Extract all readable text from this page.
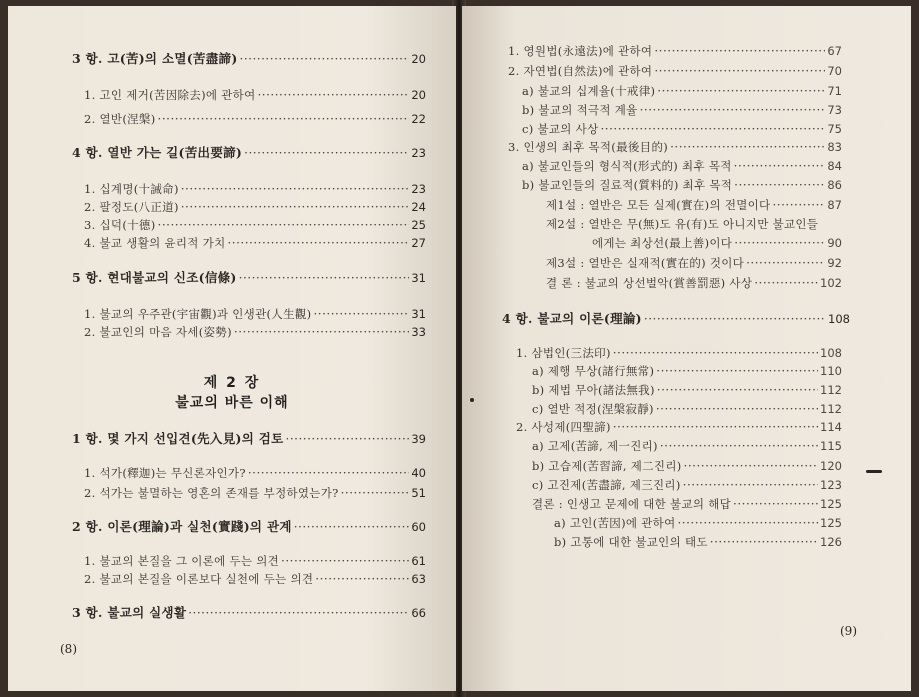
3 항. 고(苦)의 소멸(苦盡諦) ·····	20
1. 고인 제거(苦因除去)에 관하여 ·····	20
2. 열반(涅槃) ·····	22
4 항. 열반 가는 길(苦出要諦) ·····	23
1. 십계명(十誡命) ·····	23
2. 팔정도(八正道) ·····	24
3. 십덕(十德) ·····	25
4. 불교 생활의 윤리적 가치 ·····	27
5 항. 현대불교의 신조(信條) ·····	31
1. 불교의 우주관(宇宙觀)과 인생관(人生觀) ·····	31
2. 불교인의 마음 자세(姿勢) ·····	33
제 2 장
불교의 바른 이해
1 항. 몇 가지 선입견(先入見)의 검토 ·····	39
1. 석가(釋迦)는 무신론자인가? ·····	40
2. 석가는 불멸하는 영혼의 존재를 부정하였는가? ·····	51
2 항. 이론(理論)과 실천(實踐)의 관계 ·····	60
1. 불교의 본질을 그 이론에 두는 의견 ·····	61
2. 불교의 본질을 이론보다 실천에 두는 의견 ·····	63
3 항. 불교의 실생활 ·····	66
(8)
1. 영원법(永遠法)에 관하여 ·····	67
2. 자연법(自然法)에 관하여 ·····	70
a) 불교의 십계율(十戒律) ·····	71
b) 불교의 적극적 계율 ·····	73
c) 불교의 사상 ·····	75
3. 인생의 최후 목적(最後目的) ·····	83
a) 불교인들의 형식적(形式的) 최후 목적 ·····	84
b) 불교인들의 질료적(質料的) 최후 목적 ·····	86
제1설 : 열반은 모든 실제(實在)의 전멸이다 ·····	87
제2설 : 열반은 무(無)도 유(有)도 아니지만 불교인들
에게는 최상선(最上善)이다 ·····	90
제3설 : 열반은 실재적(實在的) 것이다 ·····	92
결 론 : 불교의 상선벌악(賞善罰惡) 사상 ·····	102
4 항. 불교의 이론(理論) ·····	108
1. 삼법인(三法印) ·····	108
a) 제행 무상(諸行無常) ·····	110
b) 제법 무아(諸法無我) ·····	112
c) 열반 적정(涅槃寂靜) ·····	112
2. 사성제(四聖諦) ·····	114
a) 고제(苦諦, 제一진리) ·····	115
b) 고습제(苦習諦, 제二진리) ·····	120
c) 고진제(苦盡諦, 제三진리) ·····	123
결론 : 인생고 문제에 대한 불교의 해답 ·····	125
a) 고인(苦因)에 관하여 ·····	125
b) 고통에 대한 불교인의 태도 ·····	126
(9)
